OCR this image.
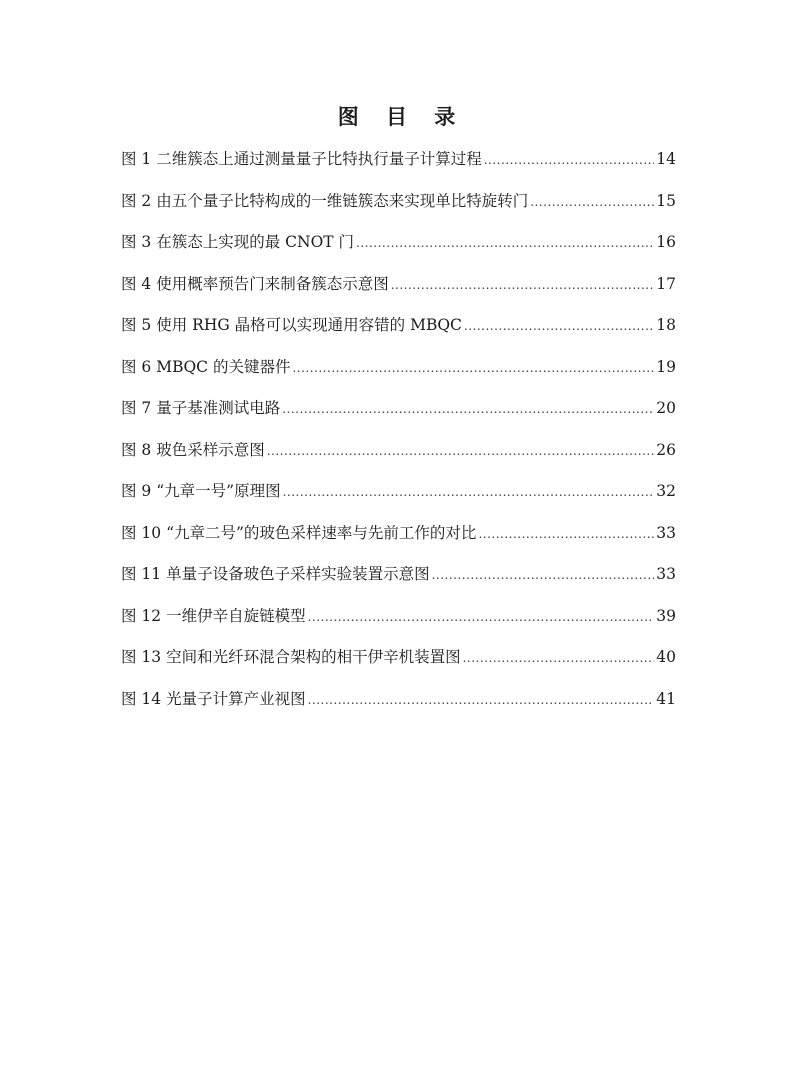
图 目 录
图 1 二维簇态上通过测量量子比特执行量子计算过程 .....	14
图 2 由五个量子比特构成的一维链簇态来实现单比特旋转门 .....	15
图 3 在簇态上实现的最 CNOT 门 .....	16
图 4 使用概率预告门来制备簇态示意图 .....	17
图 5 使用 RHG 晶格可以实现通用容错的 MBQC .....	18
图 6 MBQC 的关键器件 .....	19
图 7 量子基准测试电路 .....	20
图 8 玻色采样示意图 .....	26
图 9 “九章一号”原理图 .....	32
图 10 “九章二号”的玻色采样速率与先前工作的对比 .....	33
图 11 单量子设备玻色子采样实验装置示意图 .....	33
图 12 一维伊辛自旋链模型 .....	39
图 13 空间和光纤环混合架构的相干伊辛机装置图 .....	40
图 14 光量子计算产业视图 .....	41
